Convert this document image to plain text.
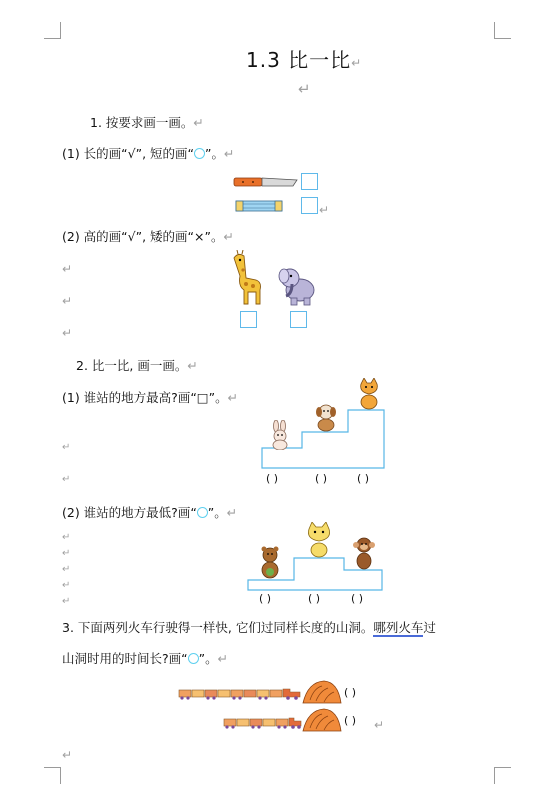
1.3 比一比↵
↵
1. 按要求画一画。↵
(1) 长的画“√”, 短的画“ ”。↵
↵
(2) 高的画“√”, 矮的画“×”。↵
↵
↵
↵
2. 比一比, 画一画。↵
(1) 谁站的地方最高?画“□”。↵
↵
↵	( )	( )	( )
(2) 谁站的地方最低?画“ ”。↵
↵
↵
↵
↵
↵	( )	( )	( )
3. 下面两列火车行驶得一样快, 它们过同样长度的山洞。哪列火车过
山洞时用的时间长?画“ ”。↵
( )
( ) ↵
↵
